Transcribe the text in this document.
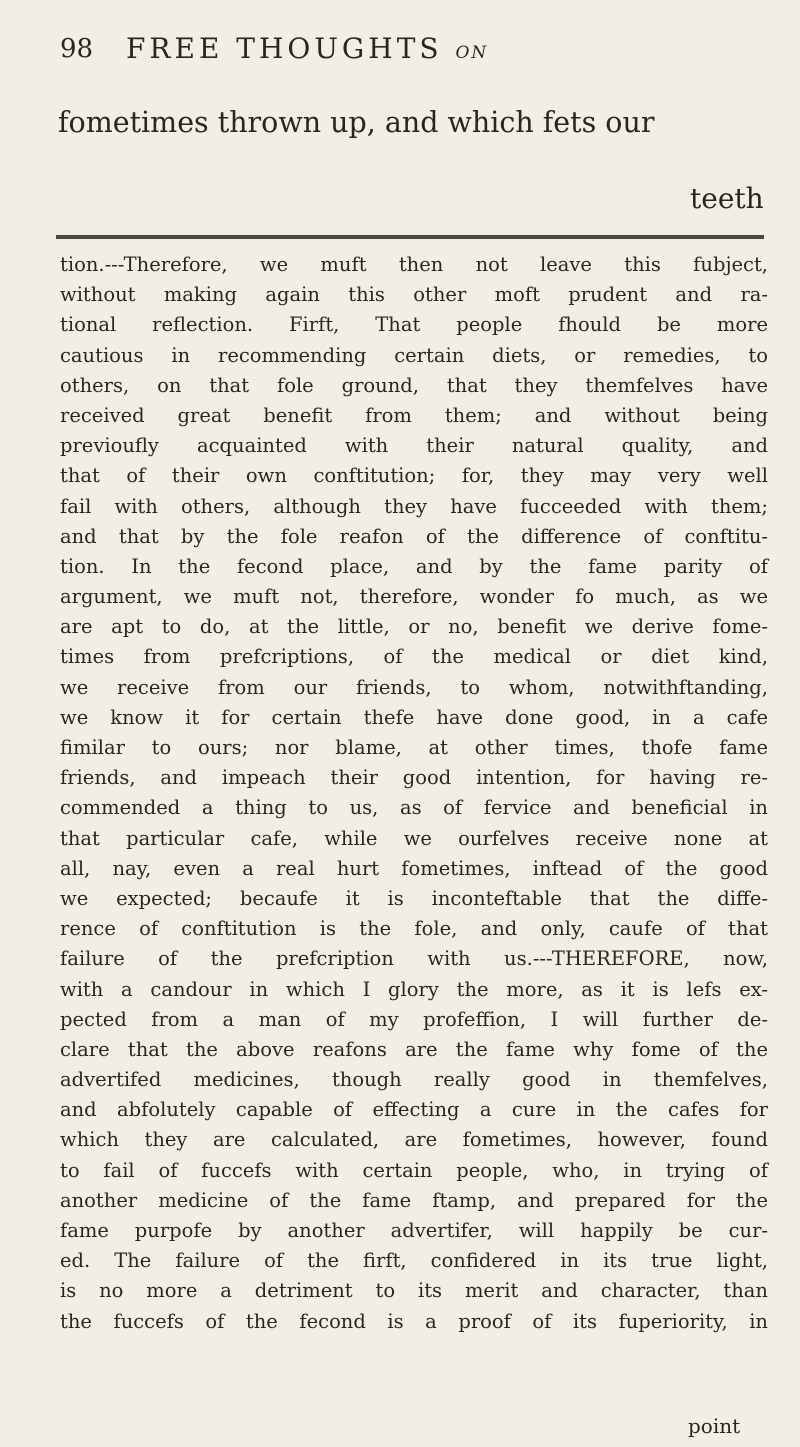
98 FREE THOUGHTS ON
fometimes thrown up, and which fets our
teeth
tion.---Therefore, we muft then not leave this fubject,
without making again this other moft prudent and ra-
tional reflection. Firft, That people fhould be more
cautious in recommending certain diets, or remedies, to
others, on that fole ground, that they themfelves have
received great benefit from them; and without being
previoufly acquainted with their natural quality, and
that of their own conftitution; for, they may very well
fail with others, although they have fucceeded with them;
and that by the fole reafon of the difference of conftitu-
tion. In the fecond place, and by the fame parity of
argument, we muft not, therefore, wonder fo much, as we
are apt to do, at the little, or no, benefit we derive fome-
times from prefcriptions, of the medical or diet kind,
we receive from our friends, to whom, notwithftanding,
we know it for certain thefe have done good, in a cafe
fimilar to ours; nor blame, at other times, thofe fame
friends, and impeach their good intention, for having re-
commended a thing to us, as of fervice and beneficial in
that particular cafe, while we ourfelves receive none at
all, nay, even a real hurt fometimes, inftead of the good
we expected; becaufe it is inconteftable that the diffe-
rence of conftitution is the fole, and only, caufe of that
failure of the prefcription with us.---THEREFORE, now,
with a candour in which I glory the more, as it is lefs ex-
pected from a man of my profeffion, I will further de-
clare that the above reafons are the fame why fome of the
advertifed medicines, though really good in themfelves,
and abfolutely capable of effecting a cure in the cafes for
which they are calculated, are fometimes, however, found
to fail of fuccefs with certain people, who, in trying of
another medicine of the fame ftamp, and prepared for the
fame purpofe by another advertifer, will happily be cur-
ed. The failure of the firft, confidered in its true light,
is no more a detriment to its merit and character, than
the fuccefs of the fecond is a proof of its fuperiority, in
point
